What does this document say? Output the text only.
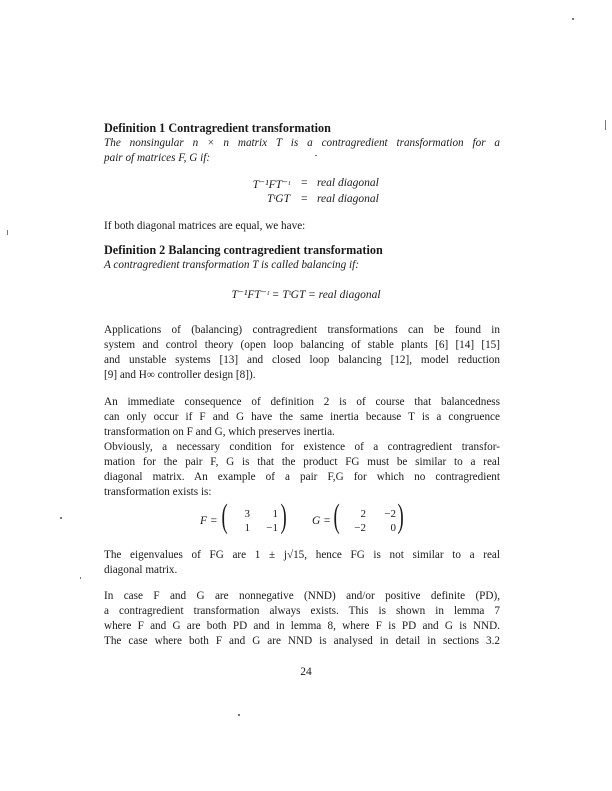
Definition 1 Contragredient transformation
The nonsingular n × n matrix T is a contragredient transformation for a
pair of matrices F, G if:
T⁻¹FT⁻ᵗ = real diagonal
TᵗGT = real diagonal
If both diagonal matrices are equal, we have:
Definition 2 Balancing contragredient transformation
A contragredient transformation T is called balancing if:
T⁻¹FT⁻ᵗ = TᵗGT = real diagonal
Applications of (balancing) contragredient transformations can be found in
system and control theory (open loop balancing of stable plants [6] [14] [15]
and unstable systems [13] and closed loop balancing [12], model reduction
[9] and H∞ controller design [8]).
An immediate consequence of definition 2 is of course that balancedness
can only occur if F and G have the same inertia because T is a congruence
transformation on F and G, which preserves inertia.
Obviously, a necessary condition for existence of a contragredient transfor-
mation for the pair F, G is that the product FG must be similar to a real
diagonal matrix. An example of a pair F,G for which no contragredient
transformation exists is:
F = (	3 1
1 −1 ) G = (	2 −2
−2 0 )
The eigenvalues of FG are 1 ± j√15, hence FG is not similar to a real
diagonal matrix.
In case F and G are nonnegative (NND) and/or positive definite (PD),
a contragredient transformation always exists. This is shown in lemma 7
where F and G are both PD and in lemma 8, where F is PD and G is NND.
The case where both F and G are NND is analysed in detail in sections 3.2
24
